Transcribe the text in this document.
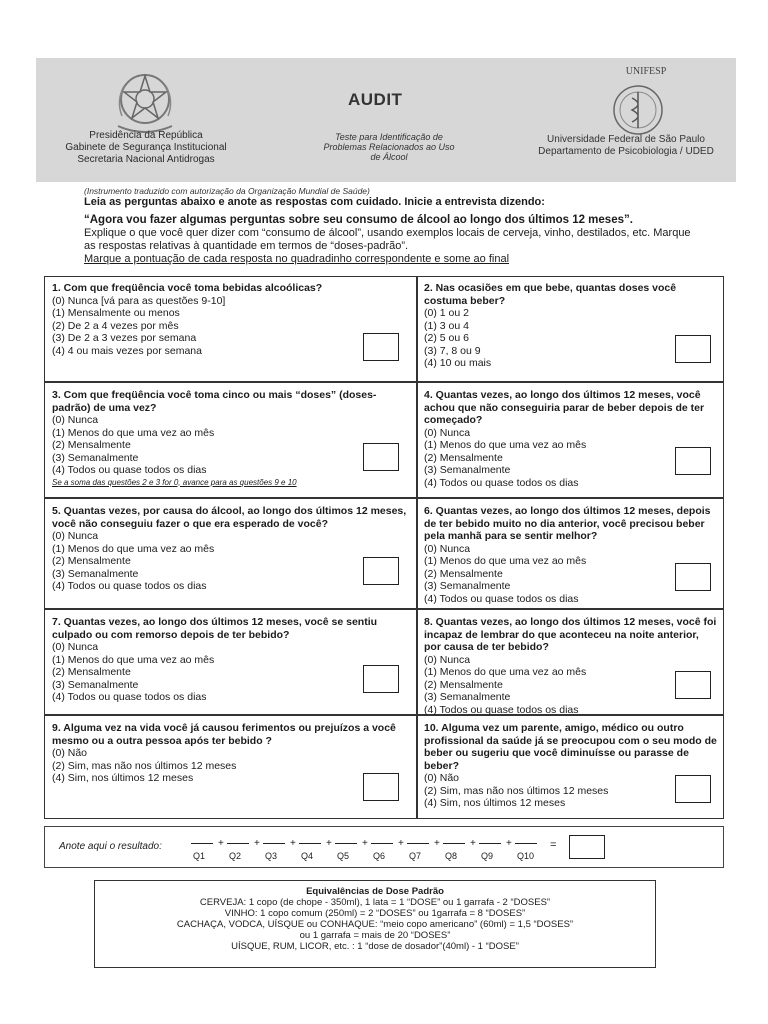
Presidência da República
Gabinete de Segurança Institucional
Secretaria Nacional Antidrogas
AUDIT
Teste para Identificação de
Problemas Relacionados ao Uso
de Álcool
UNIFESP
Universidade Federal de São Paulo
Departamento de Psicobiologia / UDED
(Instrumento traduzido com autorização da Organização Mundial de Saúde)
Leia as perguntas abaixo e anote as respostas com cuidado. Inicie a entrevista dizendo:
“Agora vou fazer algumas perguntas sobre seu consumo de álcool ao longo dos últimos 12 meses”.
Explique o que você quer dizer com “consumo de álcool”, usando exemplos locais de cerveja, vinho, destilados, etc. Marque as respostas relativas à quantidade em termos de “doses-padrão”.
Marque a pontuação de cada resposta no quadradinho correspondente e some ao final
1. Com que freqüência você toma bebidas alcoólicas?
(0) Nunca [vá para as questões 9-10]
(1) Mensalmente ou menos
(2) De 2 a 4 vezes por mês
(3) De 2 a 3 vezes por semana
(4) 4 ou mais vezes por semana
2. Nas ocasiões em que bebe, quantas doses você costuma beber?
(0) 1 ou 2
(1) 3 ou 4
(2) 5 ou 6
(3) 7, 8 ou 9
(4) 10 ou mais
3. Com que freqüência você toma cinco ou mais “doses” (doses-padrão) de uma vez?
(0) Nunca
(1) Menos do que uma vez ao mês
(2) Mensalmente
(3) Semanalmente
(4) Todos ou quase todos os dias
Se a soma das questões 2 e 3 for 0, avance para as questões 9 e 10
4. Quantas vezes, ao longo dos últimos 12 meses, você achou que não conseguiria parar de beber depois de ter começado?
(0) Nunca
(1) Menos do que uma vez ao mês
(2) Mensalmente
(3) Semanalmente
(4) Todos ou quase todos os dias
5. Quantas vezes, por causa do álcool, ao longo dos últimos 12 meses, você não conseguiu fazer o que era esperado de você?
(0) Nunca
(1) Menos do que uma vez ao mês
(2) Mensalmente
(3) Semanalmente
(4) Todos ou quase todos os dias
6. Quantas vezes, ao longo dos últimos 12 meses, depois de ter bebido muito no dia anterior, você precisou beber pela manhã para se sentir melhor?
(0) Nunca
(1) Menos do que uma vez ao mês
(2) Mensalmente
(3) Semanalmente
(4) Todos ou quase todos os dias
7. Quantas vezes, ao longo dos últimos 12 meses, você se sentiu culpado ou com remorso depois de ter bebido?
(0) Nunca
(1) Menos do que uma vez ao mês
(2) Mensalmente
(3) Semanalmente
(4) Todos ou quase todos os dias
8. Quantas vezes, ao longo dos últimos 12 meses, você foi incapaz de lembrar do que aconteceu na noite anterior, por causa de ter bebido?
(0) Nunca
(1) Menos do que uma vez ao mês
(2) Mensalmente
(3) Semanalmente
(4) Todos ou quase todos os dias
9. Alguma vez na vida você já causou ferimentos ou prejuízos a você mesmo ou a outra pessoa após ter bebido ?
(0) Não
(2) Sim, mas não nos últimos 12 meses
(4) Sim, nos últimos 12 meses
10. Alguma vez um parente, amigo, médico ou outro profissional da saúde já se preocupou com o seu modo de beber ou sugeriu que você diminuísse ou parasse de beber?
(0) Não
(2) Sim, mas não nos últimos 12 meses
(4) Sim, nos últimos 12 meses
Anote aqui o resultado:
Q1
+
Q2
+
Q3
+
Q4
+
Q5
+
Q6
+
Q7
+
Q8
+
Q9
+
Q10
=
Equivalências de Dose Padrão
CERVEJA: 1 copo (de chope - 350ml), 1 lata = 1 “DOSE” ou 1 garrafa - 2 “DOSES”
VINHO: 1 copo comum (250ml) = 2 “DOSES” ou 1garrafa = 8 “DOSES”
CACHAÇA, VODCA, UÍSQUE ou CONHAQUE: “meio copo americano” (60ml) = 1,5 “DOSES”
ou 1 garrafa = mais de 20 “DOSES”
UÍSQUE, RUM, LICOR, etc. : 1 “dose de dosador”(40ml) - 1 “DOSE”
